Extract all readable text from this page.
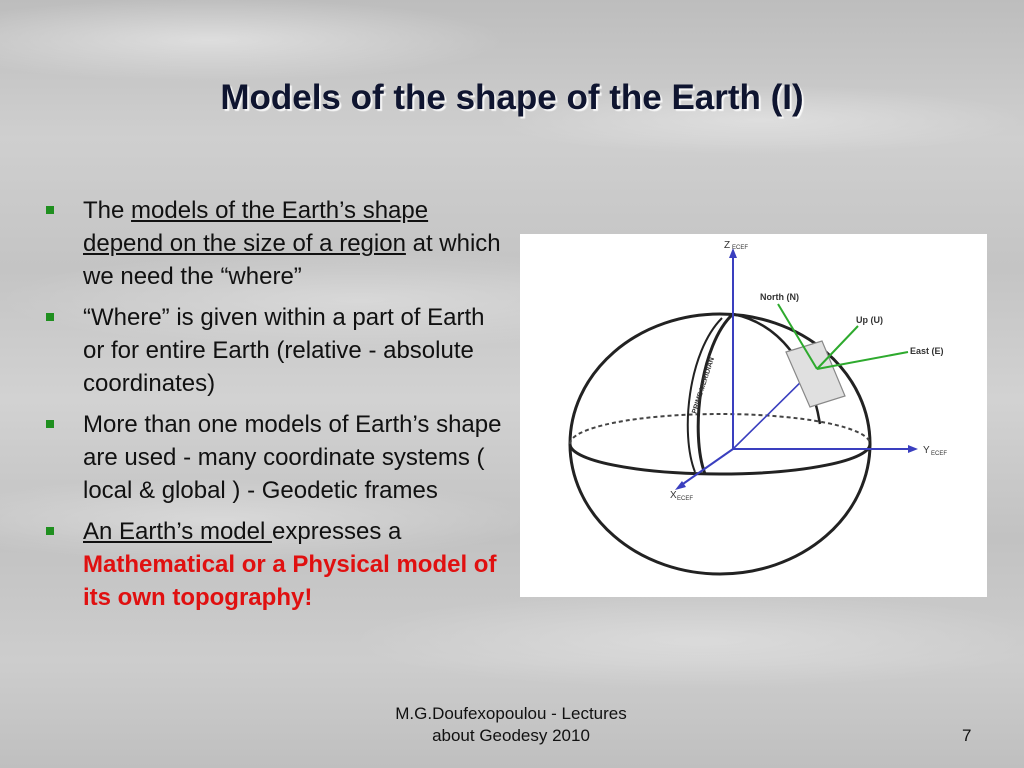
Models of the shape of the Earth (I)
The models of the Earth’s shape depend on the size of a region at which we need the “where”
“Where” is given within a part of Earth or for entire Earth (relative - absolute coordinates)
More than one models of Earth’s shape are used - many coordinate systems ( local & global ) - Geodetic frames
An Earth’s model expresses a Mathematical or a Physical model of its own topography!
Z ECEF
Y ECEF
X ECEF
North (N)
Up (U)
East (E)
PRIME MERIDIAN
M.G.Doufexopoulou - Lectures
about Geodesy 2010	7
